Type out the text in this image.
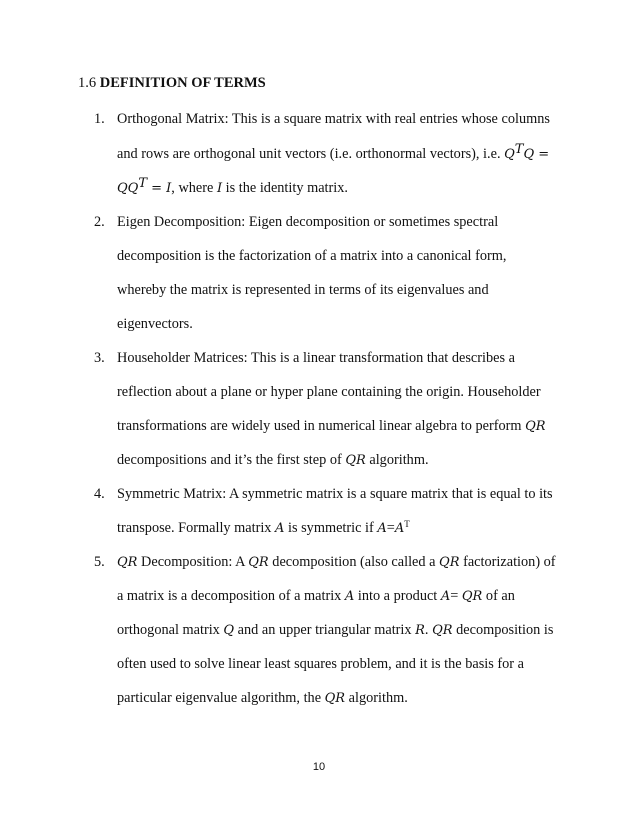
1.6 DEFINITION OF TERMS
1. Orthogonal Matrix: This is a square matrix with real entries whose columns
and rows are orthogonal unit vectors (i.e. orthonormal vectors), i.e. $Q^TQ$ =
$QQ^T = I$, where I is the identity matrix.
2. Eigen Decomposition: Eigen decomposition or sometimes spectral
decomposition is the factorization of a matrix into a canonical form,
whereby the matrix is represented in terms of its eigenvalues and
eigenvectors.
3. Householder Matrices: This is a linear transformation that describes a
reflection about a plane or hyper plane containing the origin. Householder
transformations are widely used in numerical linear algebra to perform QR
decompositions and it’s the first step of QR algorithm.
4. Symmetric Matrix: A symmetric matrix is a square matrix that is equal to its
transpose. Formally matrix A is symmetric if $A=A^T$
5. QR Decomposition: A QR decomposition (also called a QR factorization) of
a matrix is a decomposition of a matrix A into a product A= QR of an
orthogonal matrix Q and an upper triangular matrix R. QR decomposition is
often used to solve linear least squares problem, and it is the basis for a
particular eigenvalue algorithm, the QR algorithm.
10
